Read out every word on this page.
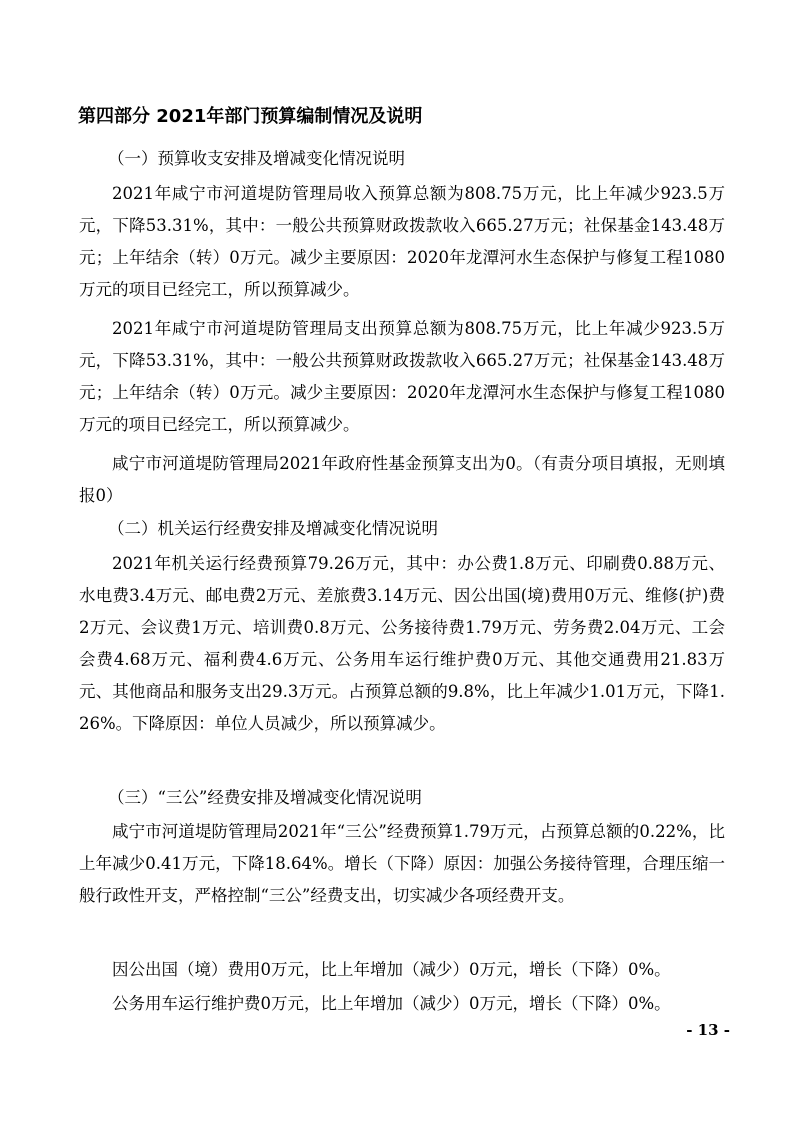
第四部分 2021年部门预算编制情况及说明
（一）预算收支安排及增减变化情况说明

2021年咸宁市河道堤防管理局收入预算总额为808.75万元，比上年减少923.5万元，下降53.31%，其中：一般公共预算财政拨款收入665.27万元；社保基金143.48万元；上年结余（转）0万元。减少主要原因：2020年龙潭河水生态保护与修复工程1080万元的项目已经完工，所以预算减少。

2021年咸宁市河道堤防管理局支出预算总额为808.75万元，比上年减少923.5万元，下降53.31%，其中：一般公共预算财政拨款收入665.27万元；社保基金143.48万元；上年结余（转）0万元。减少主要原因：2020年龙潭河水生态保护与修复工程1080万元的项目已经完工，所以预算减少。

咸宁市河道堤防管理局2021年政府性基金预算支出为0。（有责分项目填报，无则填报0）

（二）机关运行经费安排及增减变化情况说明

2021年机关运行经费预算79.26万元，其中：办公费1.8万元、印刷费0.88万元、水电费3.4万元、邮电费2万元、差旅费3.14万元、因公出国(境)费用0万元、维修(护)费2万元、会议费1万元、培训费0.8万元、公务接待费1.79万元、劳务费2.04万元、工会会费4.68万元、福利费4.6万元、公务用车运行维护费0万元、其他交通费用21.83万元、其他商品和服务支出29.3万元。占预算总额的9.8%，比上年减少1.01万元，下降1.26%。下降原因：单位人员减少，所以预算减少。

（三）“三公”经费安排及增减变化情况说明

咸宁市河道堤防管理局2021年“三公”经费预算1.79万元，占预算总额的0.22%，比上年减少0.41万元，下降18.64%。增长（下降）原因：加强公务接待管理，合理压缩一般行政性开支，严格控制“三公”经费支出，切实减少各项经费开支。

因公出国（境）费用0万元，比上年增加（减少）0万元，增长（下降）0%。

公务用车运行维护费0万元，比上年增加（减少）0万元，增长（下降）0%。

- 13 -
